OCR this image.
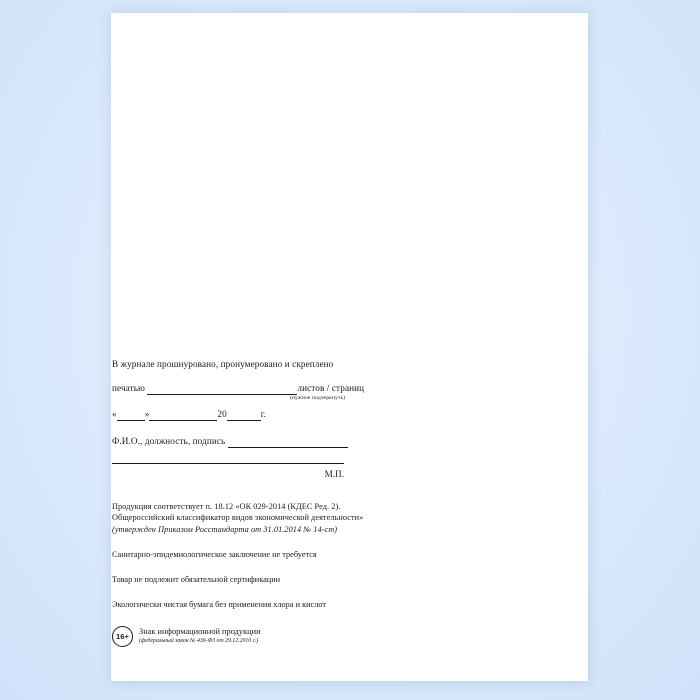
В журнале прошнуровано, пронумеровано и скреплено
печатью	листов / страниц
(нужное подчеркнуть)
«	»	20	г.
Ф.И.О., должность, подпись
М.П.
Продукция соответствует п. 18.12 «ОК 029-2014 (КДЕС Ред. 2).
Общероссийский классификатор видов экономической деятельности»
(утвержден Приказом Росстандарта от 31.01.2014 № 14-ст)
Санитарно-эпидемиологическое заключение не требуется
Товар не подлежит обязательной сертификации
Экологически чистая бумага без применения хлора и кислот
16+
Знак информационной продукции
(федеральный закон № 436-ФЗ от 29.12.2010 г.)
